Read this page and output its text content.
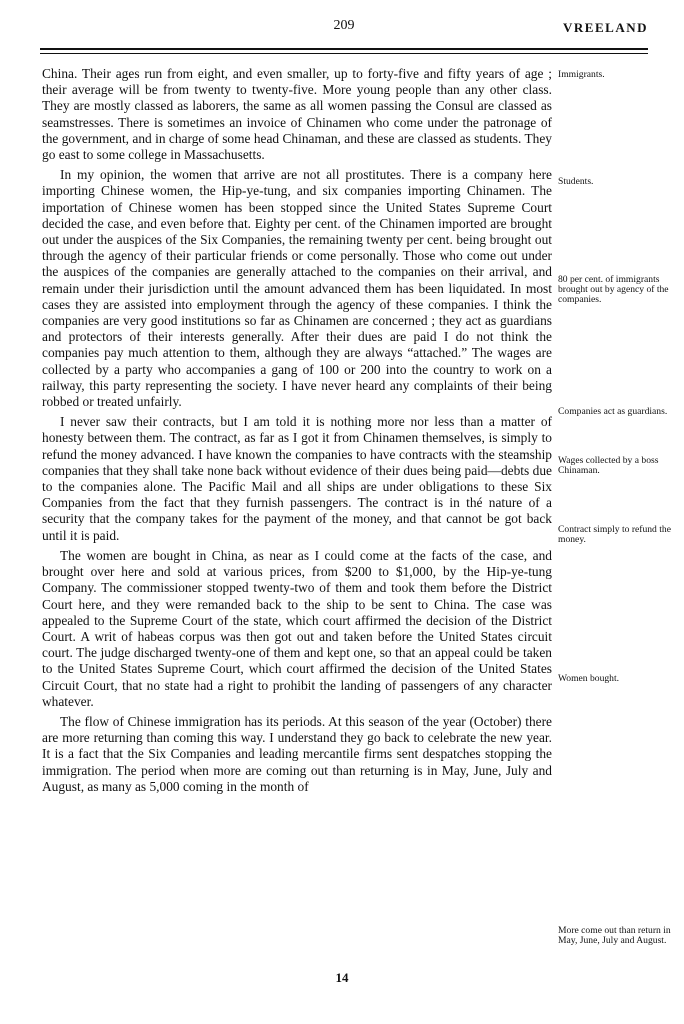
209	VREELAND

China. Their ages run from eight, and even smaller, up to forty-five and fifty years of age ; their average will be from twenty to twenty-five. More young people than any other class. They are mostly classed as laborers, the same as all women passing the Consul are classed as seamstresses. There is sometimes an invoice of Chinamen who come under the patronage of the government, and in charge of some head Chinaman, and these are classed as students. They go east to some college in Massachusetts.

In my opinion, the women that arrive are not all prostitutes. There is a company here importing Chinese women, the Hip-ye-tung, and six companies importing Chinamen. The importation of Chinese women has been stopped since the United States Supreme Court decided the case, and even before that. Eighty per cent. of the Chinamen imported are brought out under the auspices of the Six Companies, the remaining twenty per cent. being brought out through the agency of their particular friends or come personally. Those who come out under the auspices of the companies are generally attached to the companies on their arrival, and remain under their jurisdiction until the amount advanced them has been liquidated. In most cases they are assisted into employment through the agency of these companies. I think the companies are very good institutions so far as Chinamen are concerned ; they act as guardians and protectors of their interests generally. After their dues are paid I do not think the companies pay much attention to them, although they are always “attached.” The wages are collected by a party who accompanies a gang of 100 or 200 into the country to work on a railway, this party representing the society. I have never heard any complaints of their being robbed or treated unfairly.

I never saw their contracts, but I am told it is nothing more nor less than a matter of honesty between them. The contract, as far as I got it from Chinamen themselves, is simply to refund the money advanced. I have known the companies to have contracts with the steamship companies that they shall take none back without evidence of their dues being paid—debts due to the companies alone. The Pacific Mail and all ships are under obligations to these Six Companies from the fact that they furnish passengers. The contract is in thé nature of a security that the company takes for the payment of the money, and that cannot be got back until it is paid.

The women are bought in China, as near as I could come at the facts of the case, and brought over here and sold at various prices, from $200 to $1,000, by the Hip-ye-tung Company. The commissioner stopped twenty-two of them and took them before the District Court here, and they were remanded back to the ship to be sent to China. The case was appealed to the Supreme Court of the state, which court affirmed the decision of the District Court. A writ of habeas corpus was then got out and taken before the United States circuit court. The judge discharged twenty-one of them and kept one, so that an appeal could be taken to the United States Supreme Court, which court affirmed the decision of the United States Circuit Court, that no state had a right to prohibit the landing of passengers of any character whatever.

The flow of Chinese immigration has its periods. At this season of the year (October) there are more returning than coming this way. I understand they go back to celebrate the new year. It is a fact that the Six Companies and leading mercantile firms sent despatches stopping the immigration. The period when more are coming out than returning is in May, June, July and August, as many as 5,000 coming in the month of

Immigrants.
Students.
80 per cent. of immigrants brought out by agency of the companies.
Companies act as guardians.
Wages collected by a boss Chinaman.
Contract simply to refund the money.
Women bought.
More come out than return in May, June, July and August.
14
